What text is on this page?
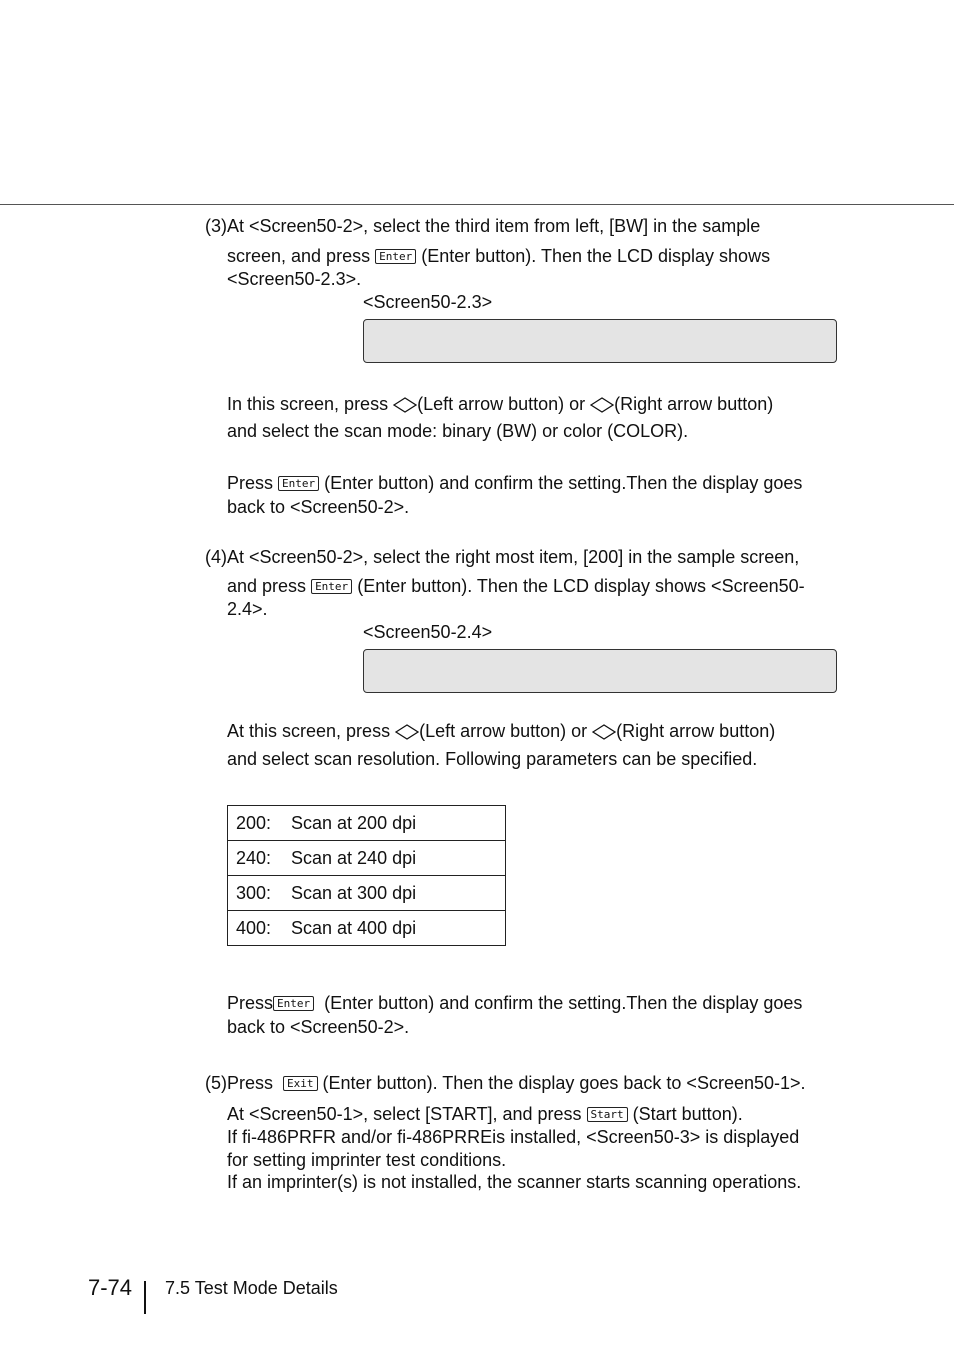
(3)At <Screen50-2>, select the third item from left, [BW] in the sample
screen, and press Enter (Enter button). Then the LCD display shows
<Screen50-2.3>.
<Screen50-2.3>
In this screen, press (Left arrow button) or (Right arrow button)
and select the scan mode: binary (BW) or color (COLOR).
Press Enter (Enter button) and confirm the setting.Then the display goes
back to <Screen50-2>.
(4)At <Screen50-2>, select the right most item, [200] in the sample screen,
and press Enter (Enter button). Then the LCD display shows <Screen50-
2.4>.
<Screen50-2.4>
At this screen, press (Left arrow button) or (Right arrow button)
and select scan resolution. Following parameters can be specified.
200:	Scan at 200 dpi
240:	Scan at 240 dpi
300:	Scan at 300 dpi
400:	Scan at 400 dpi
Press Enter (Enter button) and confirm the setting.Then the display goes
back to <Screen50-2>.
(5)Press  Exit (Enter button). Then the display goes back to <Screen50-1>.
At <Screen50-1>, select [START], and press Start (Start button).
If fi-486PRFR and/or fi-486PRREis installed, <Screen50-3> is displayed
for setting imprinter test conditions.
If an imprinter(s) is not installed, the scanner starts scanning operations.
7-74 7.5 Test Mode Details
